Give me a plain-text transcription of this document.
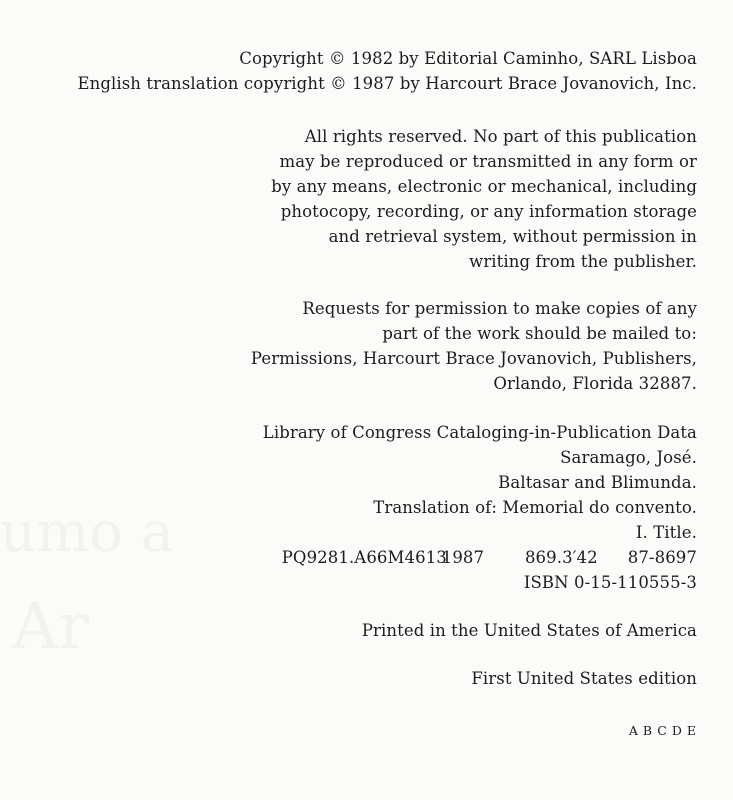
Copyright © 1982 by Editorial Caminho, SARL Lisboa
English translation copyright © 1987 by Harcourt Brace Jovanovich, Inc.
All rights reserved. No part of this publication
may be reproduced or transmitted in any form or
by any means, electronic or mechanical, including
photocopy, recording, or any information storage
and retrieval system, without permission in
writing from the publisher.
Requests for permission to make copies of any
part of the work should be mailed to:
Permissions, Harcourt Brace Jovanovich, Publishers,
Orlando, Florida 32887.
Library of Congress Cataloging-in-Publication Data
Saramago, José.
Baltasar and Blimunda.
Translation of: Memorial do convento.
I. Title.
PQ9281.A66M4613
1987	869.3′42	87-8697
ISBN 0-15-110555-3
Printed in the United States of America
First United States edition
ABCDE
